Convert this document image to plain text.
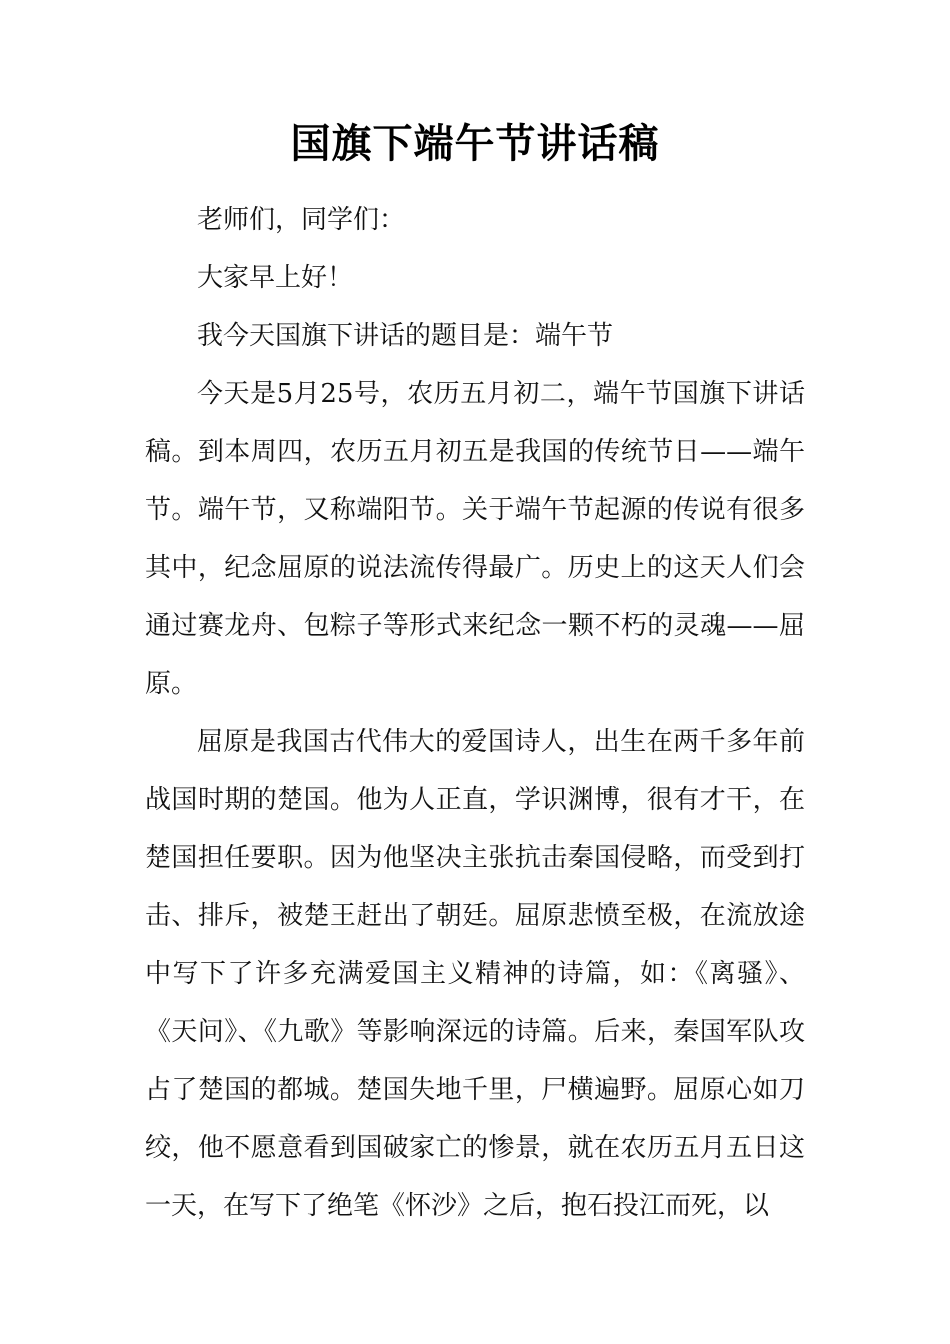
国旗下端午节讲话稿

老师们，同学们：

大家早上好！

我今天国旗下讲话的题目是：端午节

今天是5月25号，农历五月初二，端午节国旗下讲话稿。到本周四，农历五月初五是我国的传统节日——端午节。端午节，又称端阳节。关于端午节起源的传说有很多其中，纪念屈原的说法流传得最广。历史上的这天人们会通过赛龙舟、包粽子等形式来纪念一颗不朽的灵魂——屈原。

屈原是我国古代伟大的爱国诗人，出生在两千多年前战国时期的楚国。他为人正直，学识渊博，很有才干，在楚国担任要职。因为他坚决主张抗击秦国侵略，而受到打击、排斥，被楚王赶出了朝廷。屈原悲愤至极，在流放途中写下了许多充满爱国主义精神的诗篇，如：《离骚》、《天问》、《九歌》等影响深远的诗篇。后来，秦国军队攻占了楚国的都城。楚国失地千里，尸横遍野。屈原心如刀绞，他不愿意看到国破家亡的惨景，就在农历五月五日这一天，在写下了绝笔《怀沙》之后，抱石投江而死，以
